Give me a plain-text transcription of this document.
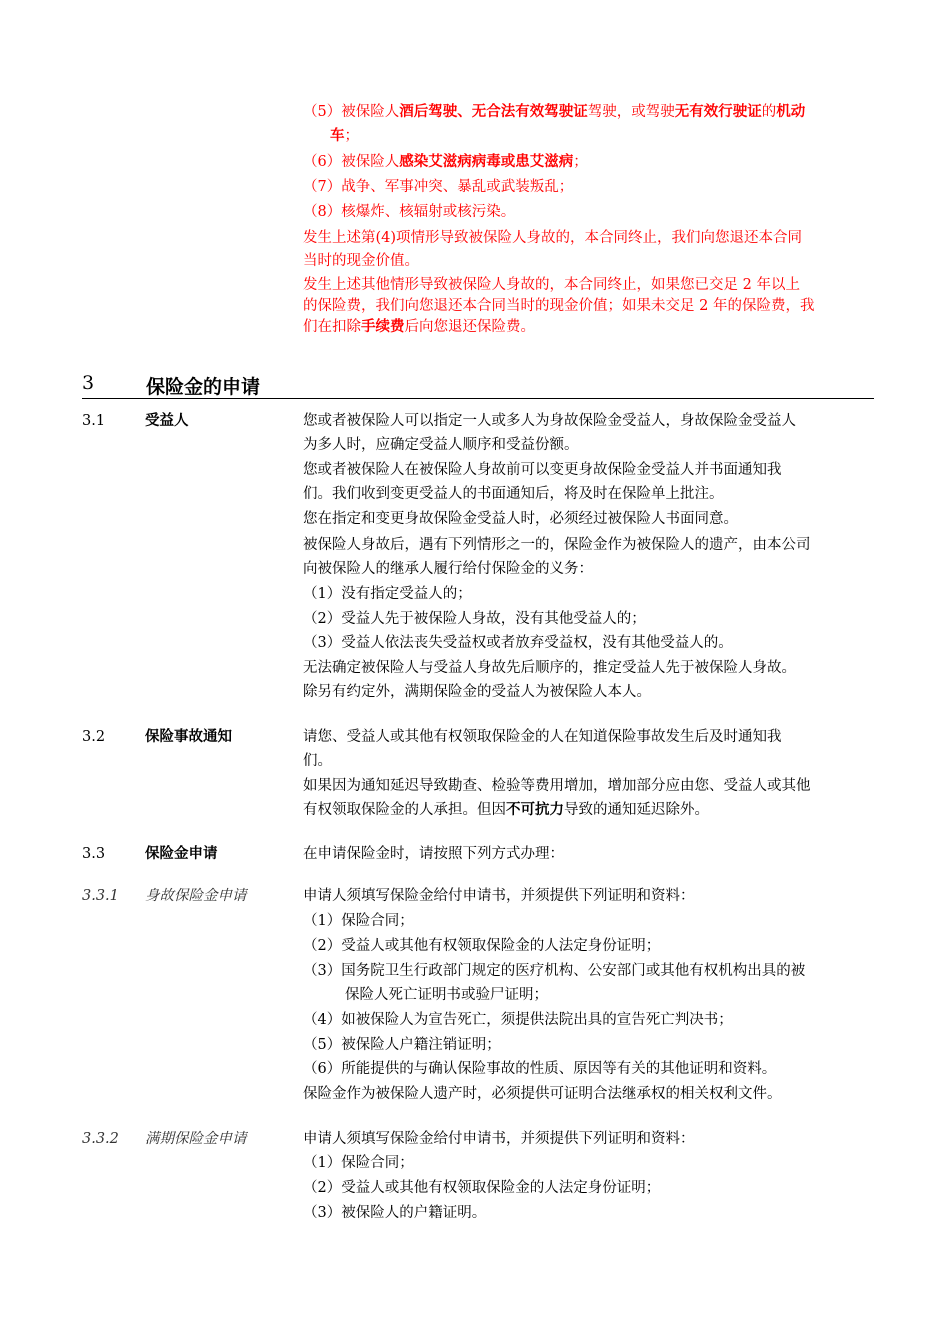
（5）被保险人酒后驾驶、无合法有效驾驶证驾驶，或驾驶无有效行驶证的机动
车；
（6）被保险人感染艾滋病病毒或患艾滋病；
（7）战争、军事冲突、暴乱或武装叛乱；
（8）核爆炸、核辐射或核污染。
发生上述第(4)项情形导致被保险人身故的，本合同终止，我们向您退还本合同
当时的现金价值。
发生上述其他情形导致被保险人身故的，本合同终止，如果您已交足 2 年以上
的保险费，我们向您退还本合同当时的现金价值；如果未交足 2 年的保险费，我
们在扣除手续费后向您退还保险费。
3	保险金的申请
3.1	受益人	您或者被保险人可以指定一人或多人为身故保险金受益人，身故保险金受益人
为多人时，应确定受益人顺序和受益份额。
您或者被保险人在被保险人身故前可以变更身故保险金受益人并书面通知我
们。我们收到变更受益人的书面通知后，将及时在保险单上批注。
您在指定和变更身故保险金受益人时，必须经过被保险人书面同意。
被保险人身故后，遇有下列情形之一的，保险金作为被保险人的遗产，由本公司
向被保险人的继承人履行给付保险金的义务：
（1）没有指定受益人的；
（2）受益人先于被保险人身故，没有其他受益人的；
（3）受益人依法丧失受益权或者放弃受益权，没有其他受益人的。
无法确定被保险人与受益人身故先后顺序的，推定受益人先于被保险人身故。
除另有约定外，满期保险金的受益人为被保险人本人。
3.2	保险事故通知	请您、受益人或其他有权领取保险金的人在知道保险事故发生后及时通知我
们。
如果因为通知延迟导致勘查、检验等费用增加，增加部分应由您、受益人或其他
有权领取保险金的人承担。但因不可抗力导致的通知延迟除外。
3.3	保险金申请	在申请保险金时，请按照下列方式办理：
3.3.1 身故保险金申请	申请人须填写保险金给付申请书，并须提供下列证明和资料：
（1）保险合同；
（2）受益人或其他有权领取保险金的人法定身份证明；
（3）国务院卫生行政部门规定的医疗机构、公安部门或其他有权机构出具的被
保险人死亡证明书或验尸证明；
（4）如被保险人为宣告死亡，须提供法院出具的宣告死亡判决书；
（5）被保险人户籍注销证明；
（6）所能提供的与确认保险事故的性质、原因等有关的其他证明和资料。
保险金作为被保险人遗产时，必须提供可证明合法继承权的相关权利文件。
3.3.2 满期保险金申请	申请人须填写保险金给付申请书，并须提供下列证明和资料：
（1）保险合同；
（2）受益人或其他有权领取保险金的人法定身份证明；
（3）被保险人的户籍证明。
